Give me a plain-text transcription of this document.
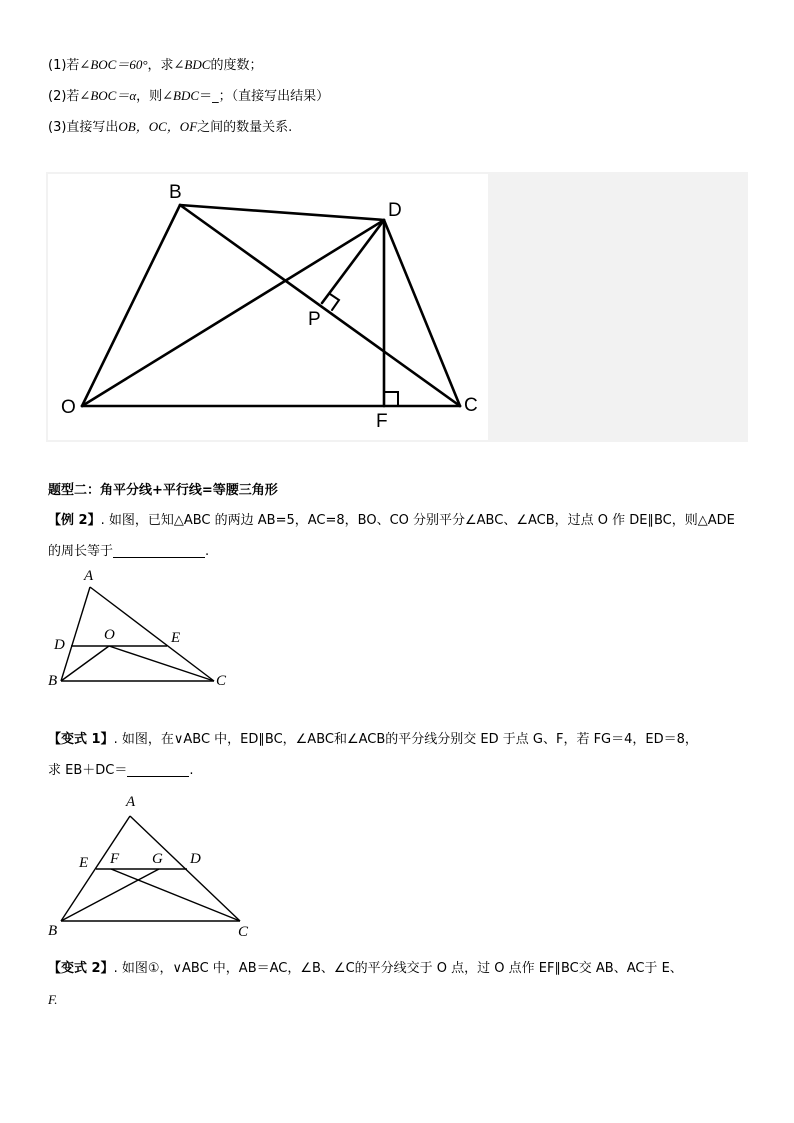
(1)若∠BOC＝60°，求∠BDC的度数；
(2)若∠BOC＝α，则∠BDC＝_；（直接写出结果）
(3)直接写出OB，OC，OF之间的数量关系.
B
D
P
O
F
C
题型二：角平分线+平行线=等腰三角形
【例 2】. 如图，已知△ABC 的两边 AB=5，AC=8，BO、CO 分别平分∠ABC、∠ACB，过点 O 作 DE∥BC，则△ADE
的周长等于	.
A
D
O	E
B	C
【变式 1】. 如图，在∨ABC 中，ED∥BC，∠ABC和∠ACB的平分线分别交 ED 于点 G、F，若 FG＝4，ED＝8，
求 EB＋DC＝	.
A
E F G D
B	C
【变式 2】. 如图①，∨ABC 中，AB＝AC，∠B、∠C的平分线交于 O 点，过 O 点作 EF∥BC交 AB、AC于 E、
F.
